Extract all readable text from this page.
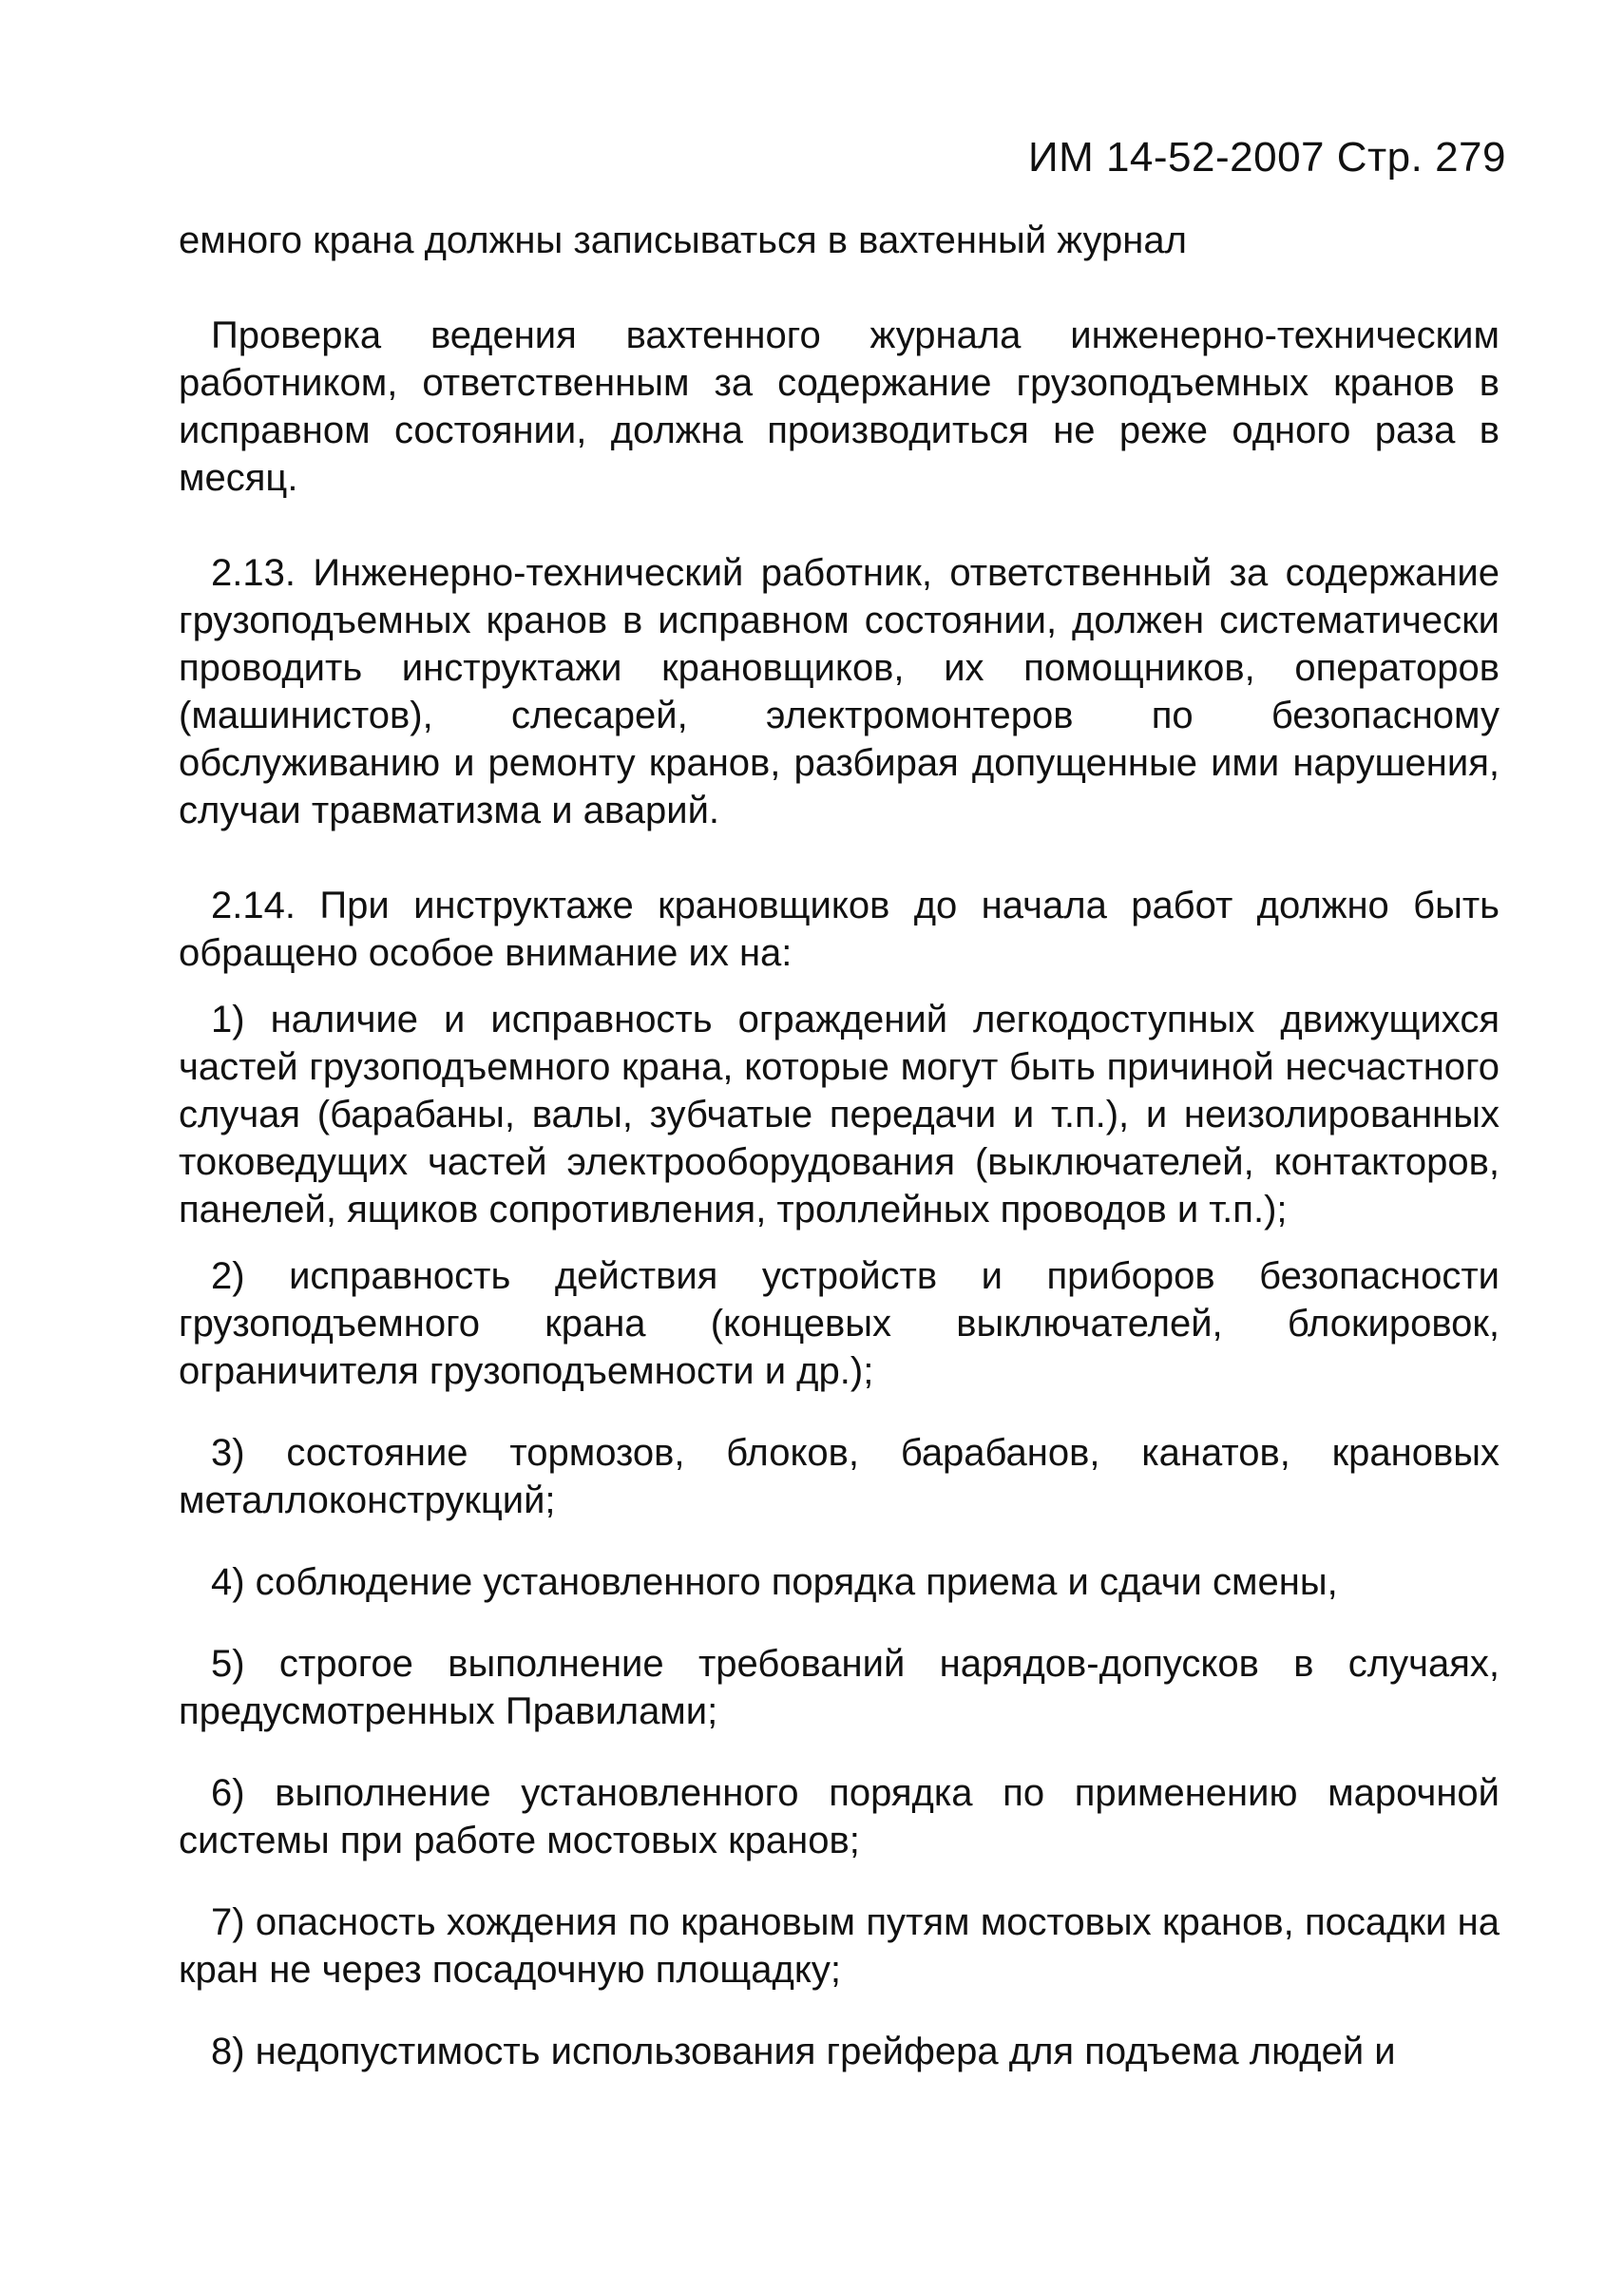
ИМ 14-52-2007 Стр. 279

емного крана должны записываться в вахтенный журнал

Проверка ведения вахтенного журнала инженерно-техническим работником, ответственным за содержание грузоподъемных кранов в исправном состоянии, должна производиться не реже одного раза в месяц.

2.13. Инженерно-технический работник, ответственный за содержание грузоподъемных кранов в исправном состоянии, должен систематически проводить инструктажи крановщиков, их помощников, операторов (машинистов), слесарей, электромонтеров по безопасному обслуживанию и ремонту кранов, разбирая допущенные ими нарушения, случаи травматизма и аварий.

2.14. При инструктаже крановщиков до начала работ должно быть обращено особое внимание их на:

1) наличие и исправность ограждений легкодоступных движущихся частей грузоподъемного крана, которые могут быть причиной несчастного случая (барабаны, валы, зубчатые передачи и т.п.), и неизолированных токоведущих частей электрооборудования (выключателей, контакторов, панелей, ящиков сопротивления, троллейных проводов и т.п.);

2) исправность действия устройств и приборов безопасности грузоподъемного крана (концевых выключателей, блокировок, ограничителя грузоподъемности и др.);

3) состояние тормозов, блоков, барабанов, канатов, крановых металлоконструкций;

4) соблюдение установленного порядка приема и сдачи смены,

5) строгое выполнение требований нарядов-допусков в случаях, предусмотренных Правилами;

6) выполнение установленного порядка по применению марочной системы при работе мостовых кранов;

7) опасность хождения по крановым путям мостовых кранов, посадки на кран не через посадочную площадку;

8) недопустимость использования грейфера для подъема людей и
